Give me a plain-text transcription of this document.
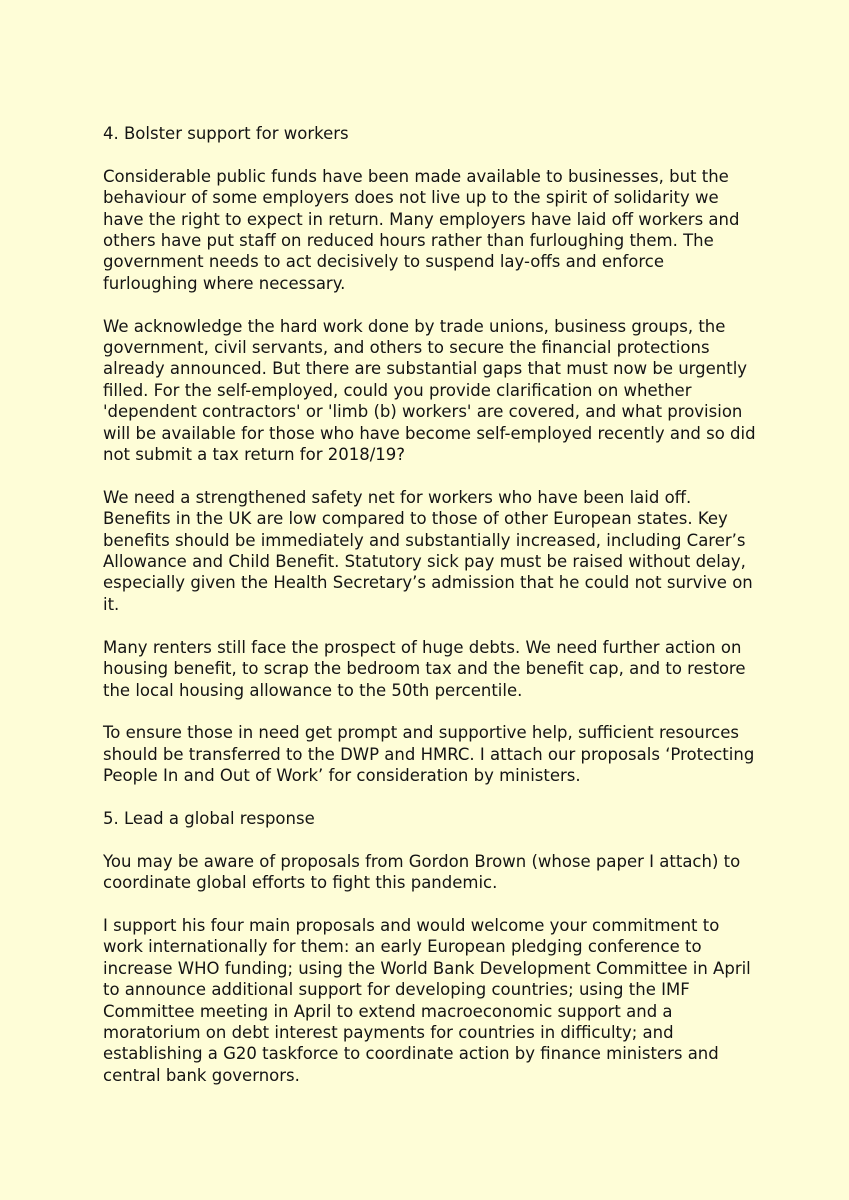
4. Bolster support for workers

Considerable public funds have been made available to businesses, but the behaviour of some employers does not live up to the spirit of solidarity we have the right to expect in return. Many employers have laid off workers and others have put staff on reduced hours rather than furloughing them. The government needs to act decisively to suspend lay-offs and enforce furloughing where necessary.

We acknowledge the hard work done by trade unions, business groups, the government, civil servants, and others to secure the financial protections already announced. But there are substantial gaps that must now be urgently filled. For the self-employed, could you provide clarification on whether 'dependent contractors' or 'limb (b) workers' are covered, and what provision will be available for those who have become self-employed recently and so did not submit a tax return for 2018/19?

We need a strengthened safety net for workers who have been laid off. Benefits in the UK are low compared to those of other European states. Key benefits should be immediately and substantially increased, including Carer’s Allowance and Child Benefit. Statutory sick pay must be raised without delay, especially given the Health Secretary’s admission that he could not survive on it.

Many renters still face the prospect of huge debts. We need further action on housing benefit, to scrap the bedroom tax and the benefit cap, and to restore the local housing allowance to the 50th percentile.

To ensure those in need get prompt and supportive help, sufficient resources should be transferred to the DWP and HMRC. I attach our proposals ‘Protecting People In and Out of Work’ for consideration by ministers.

5. Lead a global response

You may be aware of proposals from Gordon Brown (whose paper I attach) to coordinate global efforts to fight this pandemic.

I support his four main proposals and would welcome your commitment to work internationally for them: an early European pledging conference to increase WHO funding; using the World Bank Development Committee in April to announce additional support for developing countries; using the IMF Committee meeting in April to extend macroeconomic support and a moratorium on debt interest payments for countries in difficulty; and establishing a G20 taskforce to coordinate action by finance ministers and central bank governors.
